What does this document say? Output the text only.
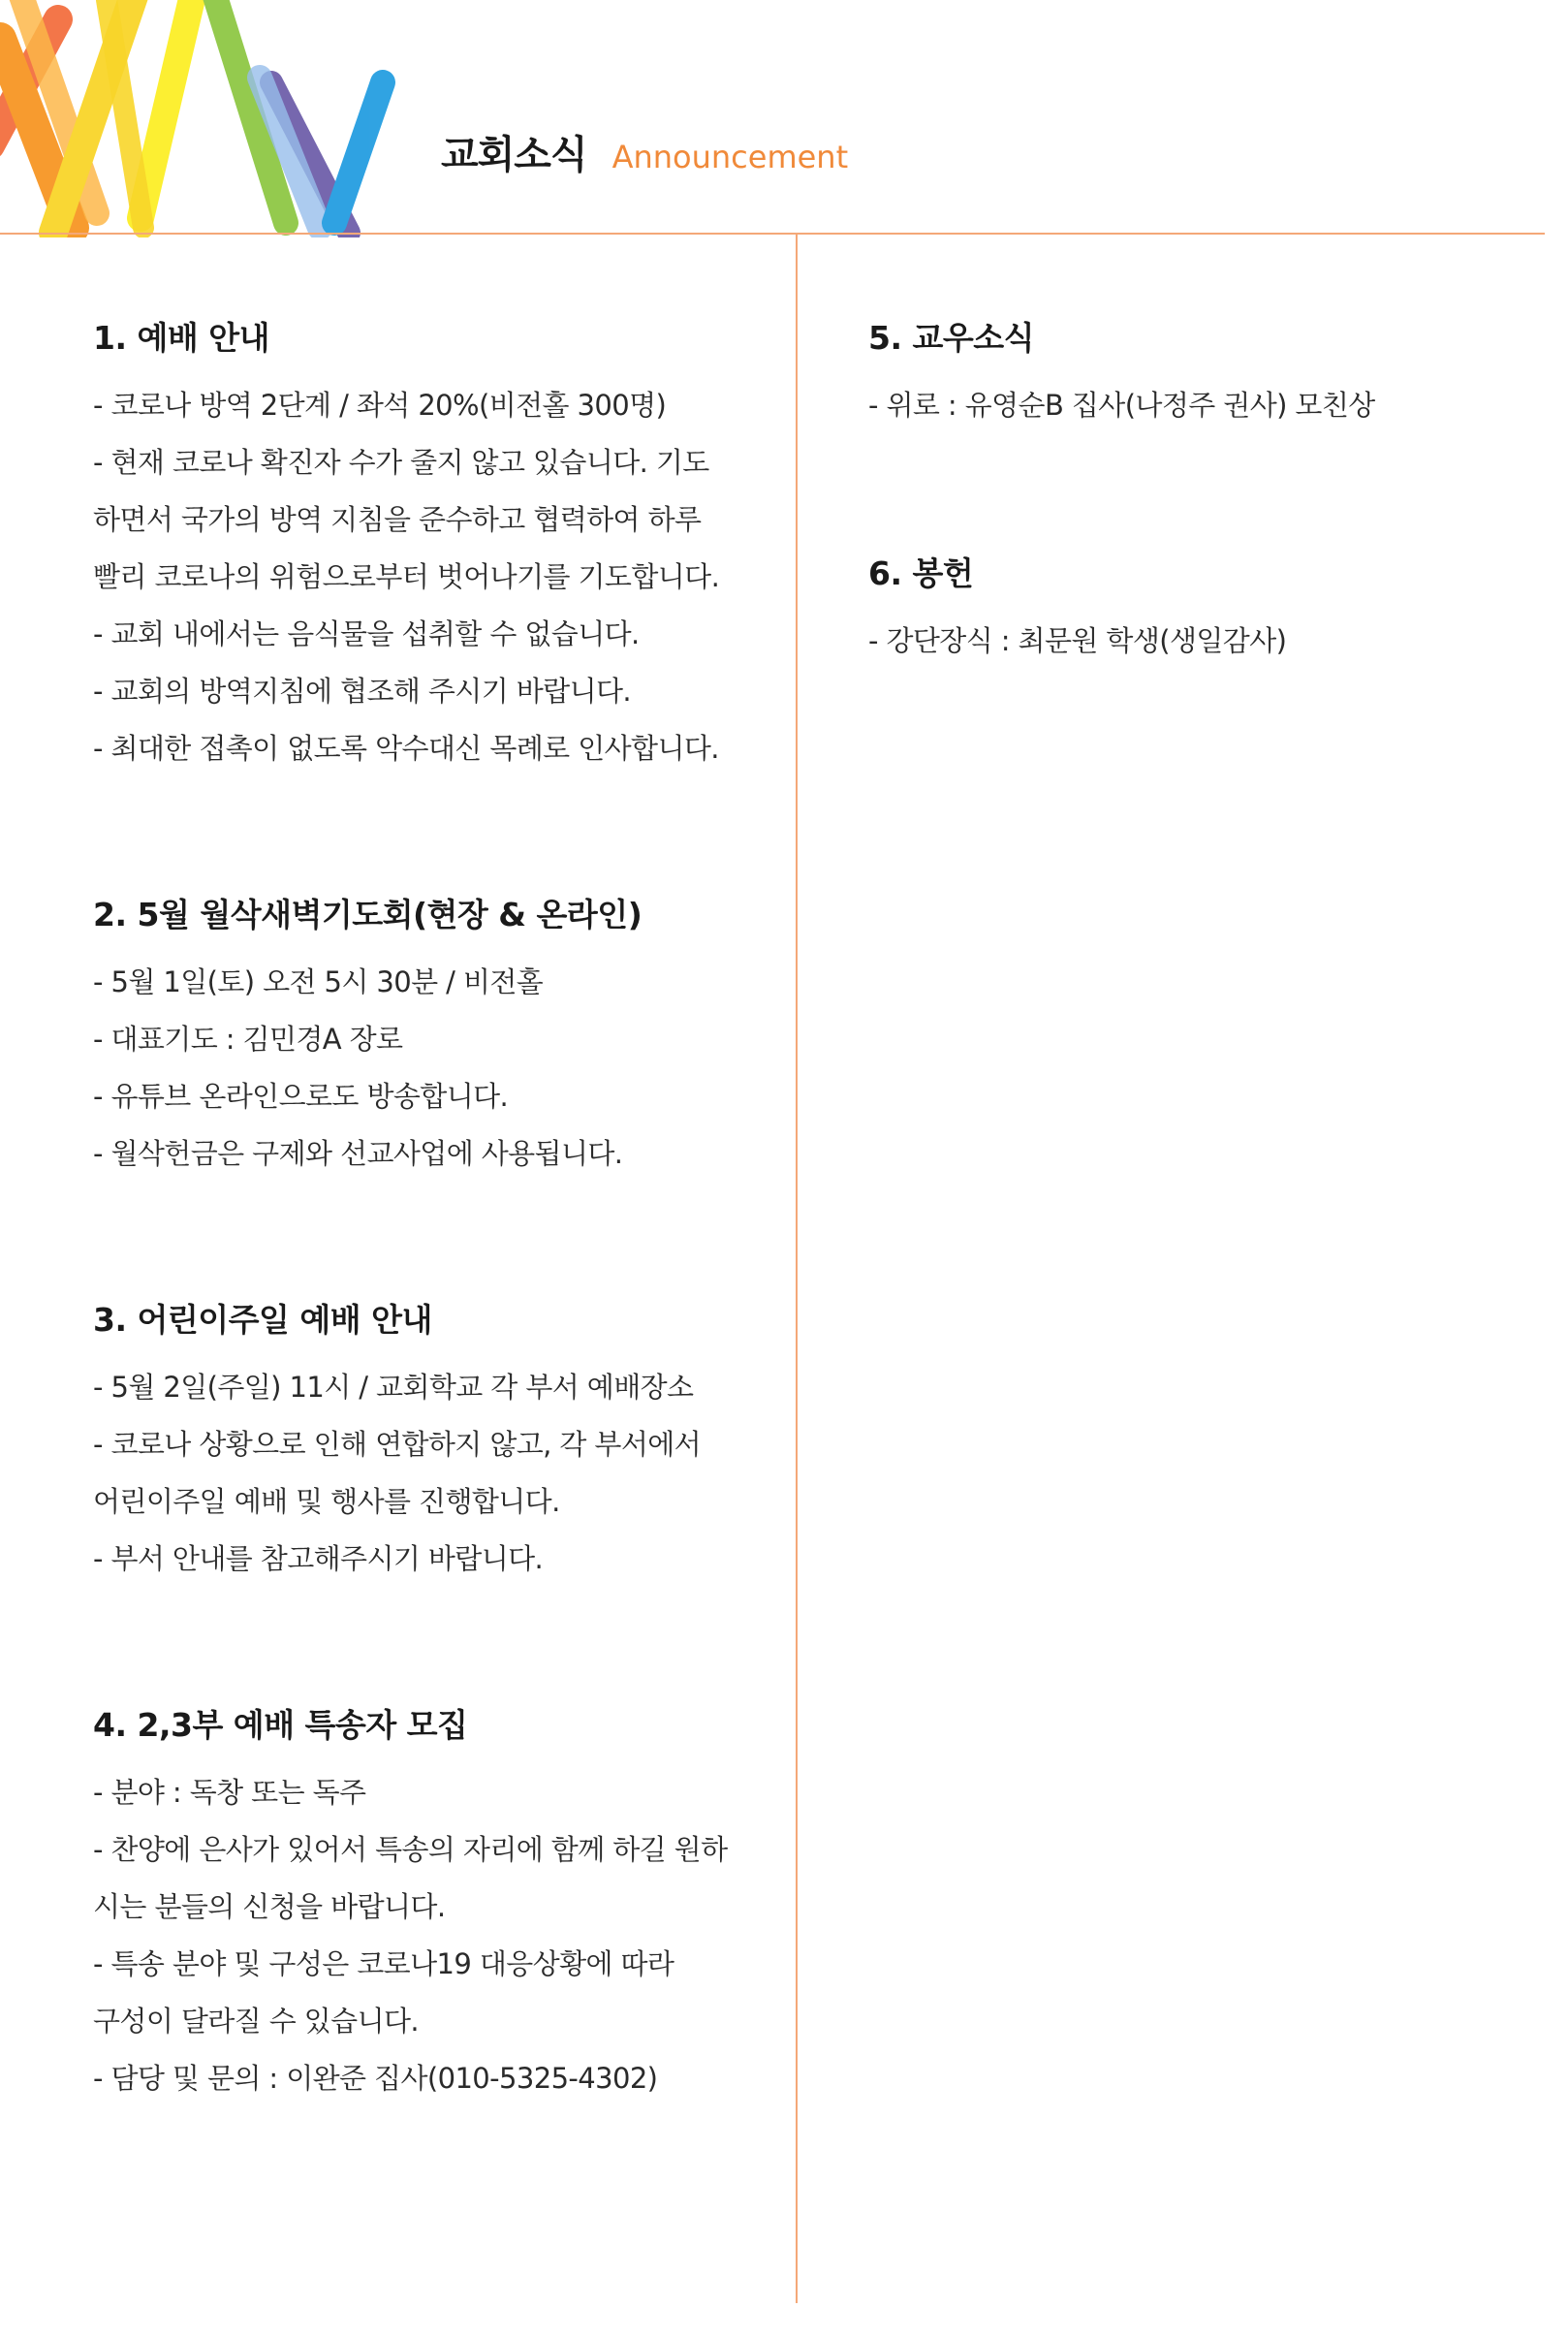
교회소식 Announcement
1. 예배 안내

- 코로나 방역 2단계 / 좌석 20%(비전홀 300명)

- 현재 코로나 확진자 수가 줄지 않고 있습니다. 기도

하면서 국가의 방역 지침을 준수하고 협력하여 하루

빨리 코로나의 위험으로부터 벗어나기를 기도합니다.

- 교회 내에서는 음식물을 섭취할 수 없습니다.

- 교회의 방역지침에 협조해 주시기 바랍니다.

- 최대한 접촉이 없도록 악수대신 목례로 인사합니다.

2. 5월 월삭새벽기도회(현장 & 온라인)

- 5월 1일(토) 오전 5시 30분 / 비전홀

- 대표기도 : 김민경A 장로

- 유튜브 온라인으로도 방송합니다.

- 월삭헌금은 구제와 선교사업에 사용됩니다.

3. 어린이주일 예배 안내

- 5월 2일(주일) 11시 / 교회학교 각 부서 예배장소

- 코로나 상황으로 인해 연합하지 않고, 각 부서에서

어린이주일 예배 및 행사를 진행합니다.

- 부서 안내를 참고해주시기 바랍니다.

4. 2,3부 예배 특송자 모집

- 분야 : 독창 또는 독주

- 찬양에 은사가 있어서 특송의 자리에 함께 하길 원하

시는 분들의 신청을 바랍니다.

- 특송 분야 및 구성은 코로나19 대응상황에 따라

구성이 달라질 수 있습니다.

- 담당 및 문의 : 이완준 집사(010-5325-4302)

5. 교우소식

- 위로 : 유영순B 집사(나정주 권사) 모친상

6. 봉헌

- 강단장식 : 최문원 학생(생일감사)
